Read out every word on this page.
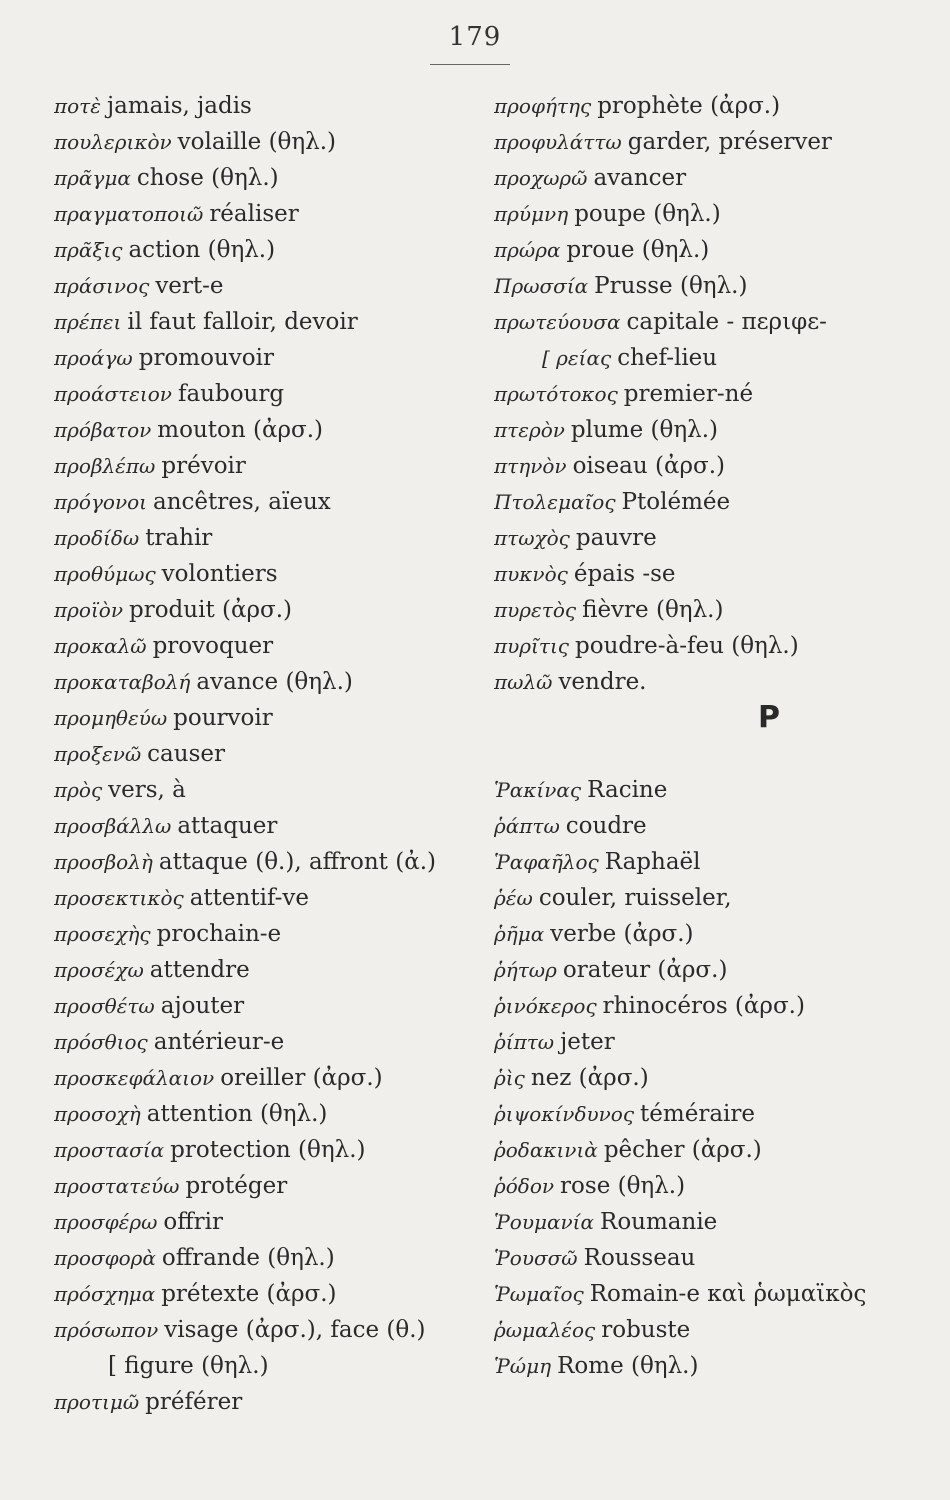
179
ποτὲ jamais, jadis
πουλερικὸν volaille (θηλ.)
πρᾶγμα chose (θηλ.)
πραγματοποιῶ réaliser
πρᾶξις action (θηλ.)
πράσινος vert-e
πρέπει il faut falloir, devoir
προάγω promouvoir
προάστειον faubourg
πρόβατον mouton (ἀρσ.)
προβλέπω prévoir
πρόγονοι ancêtres, aïeux
προδίδω trahir
προθύμως volontiers
προϊὸν produit (ἀρσ.)
προκαλῶ provoquer
προκαταβολή avance (θηλ.)
προμηθεύω pourvoir
προξενῶ causer
πρὸς vers, à
προσβάλλω attaquer
προσβολὴ attaque (θ.), affront (ἀ.)
προσεκτικὸς attentif-ve
προσεχὴς prochain-e
προσέχω attendre
προσθέτω ajouter
πρόσθιος antérieur-e
προσκεφάλαιον oreiller (ἀρσ.)
προσοχὴ attention (θηλ.)
προστασία protection (θηλ.)
προστατεύω protéger
προσφέρω offrir
προσφορὰ offrande (θηλ.)
πρόσχημα prétexte (ἀρσ.)
πρόσωπον visage (ἀρσ.), face (θ.)
[ figure (θηλ.)
προτιμῶ préférer
προφήτης prophète (ἀρσ.)
προφυλάττω garder, préserver
προχωρῶ avancer
πρύμνη poupe (θηλ.)
πρώρα proue (θηλ.)
Πρωσσία Prusse (θηλ.)
πρωτεύουσα capitale - περιφε-
[ ρείας chef-lieu
πρωτότοκος premier-né
πτερὸν plume (θηλ.)
πτηνὸν oiseau (ἀρσ.)
Πτολεμαῖος Ptolémée
πτωχὸς pauvre
πυκνὸς épais -se
πυρετὸς fièvre (θηλ.)
πυρῖτις poudre-à-feu (θηλ.)
πωλῶ vendre.
P
Ῥακίνας Racine
ῥάπτω coudre
Ῥαφαῆλος Raphaël
ῥέω couler, ruisseler,
ῥῆμα verbe (ἀρσ.)
ῥήτωρ orateur (ἀρσ.)
ῥινόκερος rhinocéros (ἀρσ.)
ῥίπτω jeter
ῥὶς nez (ἀρσ.)
ῥιψοκίνδυνος téméraire
ῥοδακινιὰ pêcher (ἀρσ.)
ῥόδον rose (θηλ.)
Ῥουμανία Roumanie
Ῥουσσῶ Rousseau
Ῥωμαῖος Romain-e καὶ ῥωμαϊκὸς
ῥωμαλέος robuste
Ῥώμη Rome (θηλ.)
